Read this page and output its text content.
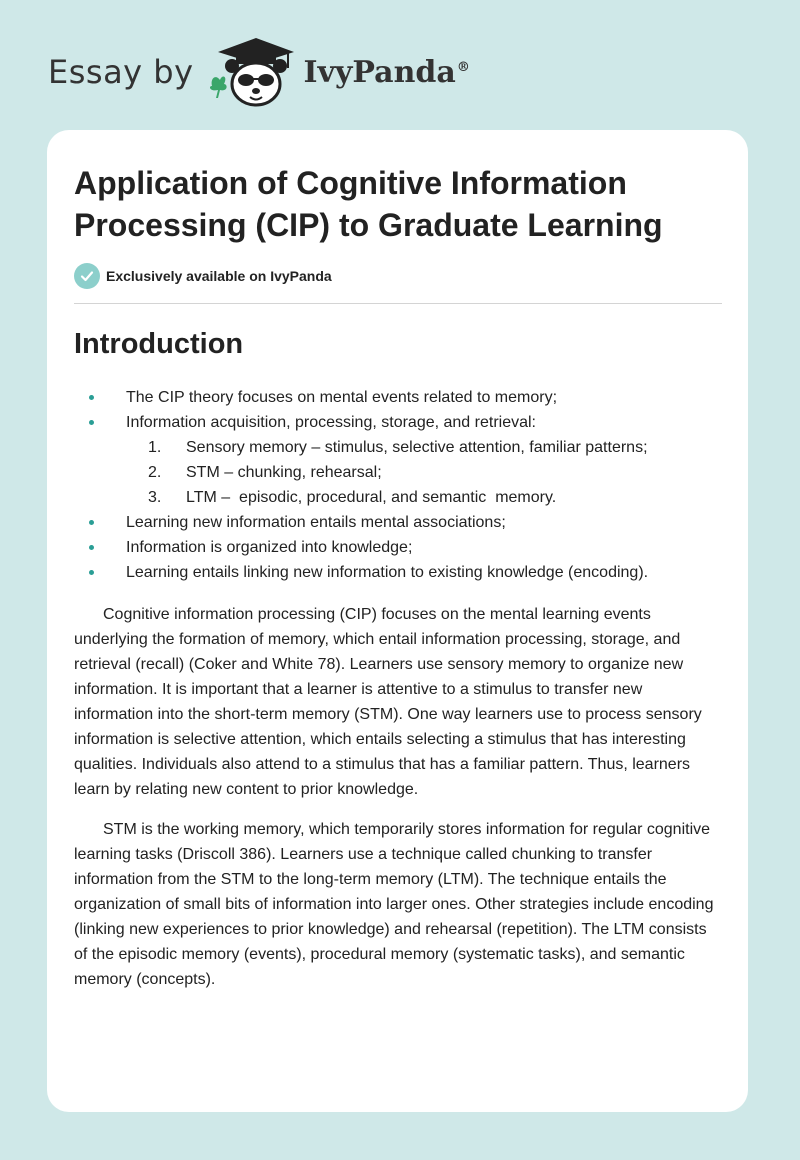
Essay by	IvyPanda®
Application of Cognitive Information Processing (CIP) to Graduate Learning
Exclusively available on IvyPanda
Introduction
The CIP theory focuses on mental events related to memory;
Information acquisition, processing, storage, and retrieval:
1. Sensory memory – stimulus, selective attention, familiar patterns;
2. STM – chunking, rehearsal;
3. LTM –  episodic, procedural, and semantic  memory.
Learning new information entails mental associations;
Information is organized into knowledge;
Learning entails linking new information to existing knowledge (encoding).

Cognitive information processing (CIP) focuses on the mental learning events underlying the formation of memory, which entail information processing, storage, and retrieval (recall) (Coker and White 78). Learners use sensory memory to organize new information. It is important that a learner is attentive to a stimulus to transfer new information into the short-term memory (STM). One way learners use to process sensory information is selective attention, which entails selecting a stimulus that has interesting qualities. Individuals also attend to a stimulus that has a familiar pattern. Thus, learners learn by relating new content to prior knowledge.

STM is the working memory, which temporarily stores information for regular cognitive learning tasks (Driscoll 386). Learners use a technique called chunking to transfer information from the STM to the long-term memory (LTM). The technique entails the organization of small bits of information into larger ones. Other strategies include encoding (linking new experiences to prior knowledge) and rehearsal (repetition). The LTM consists of the episodic memory (events), procedural memory (systematic tasks), and semantic memory (concepts).
